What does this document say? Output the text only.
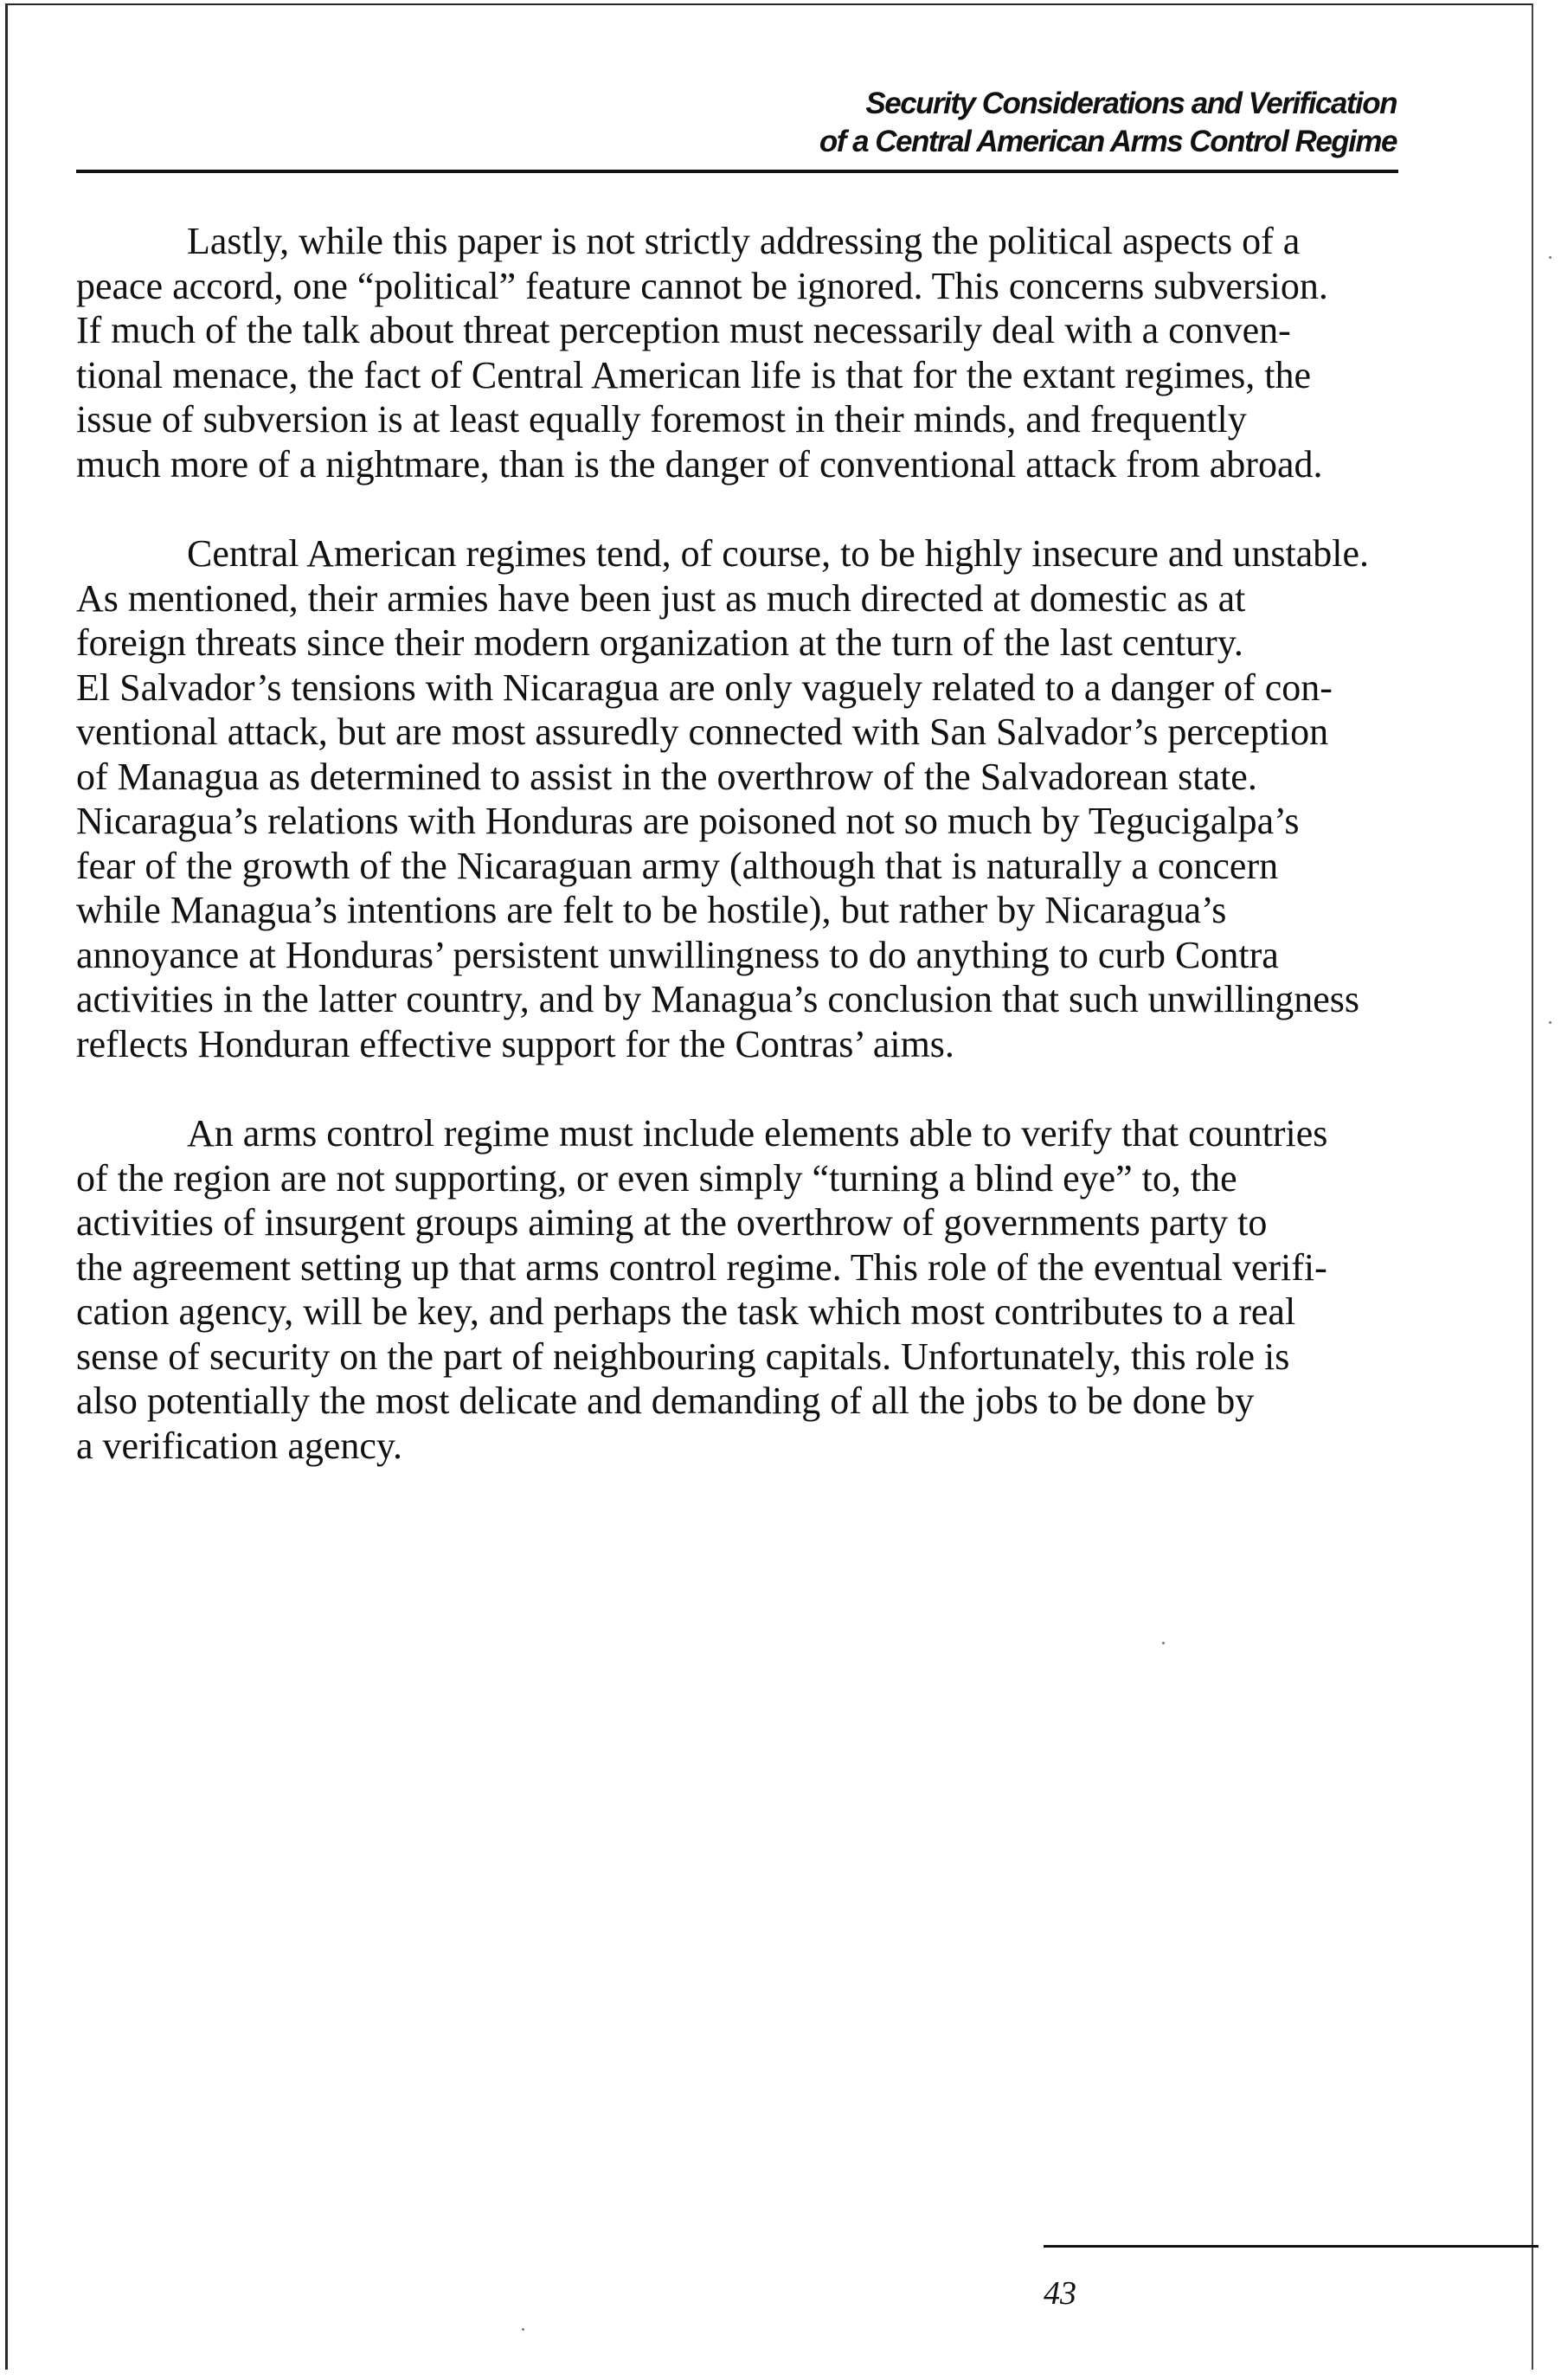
Security Considerations and Verification
of a Central American Arms Control Regime

Lastly, while this paper is not strictly addressing the political aspects of a
peace accord, one “political” feature cannot be ignored. This concerns subversion.
If much of the talk about threat perception must necessarily deal with a conven-
tional menace, the fact of Central American life is that for the extant regimes, the
issue of subversion is at least equally foremost in their minds, and frequently
much more of a nightmare, than is the danger of conventional attack from abroad.

Central American regimes tend, of course, to be highly insecure and unstable.
As mentioned, their armies have been just as much directed at domestic as at
foreign threats since their modern organization at the turn of the last century.
El Salvador’s tensions with Nicaragua are only vaguely related to a danger of con-
ventional attack, but are most assuredly connected with San Salvador’s perception
of Managua as determined to assist in the overthrow of the Salvadorean state.
Nicaragua’s relations with Honduras are poisoned not so much by Tegucigalpa’s
fear of the growth of the Nicaraguan army (although that is naturally a concern
while Managua’s intentions are felt to be hostile), but rather by Nicaragua’s
annoyance at Honduras’ persistent unwillingness to do anything to curb Contra
activities in the latter country, and by Managua’s conclusion that such unwillingness
reflects Honduran effective support for the Contras’ aims.

An arms control regime must include elements able to verify that countries
of the region are not supporting, or even simply “turning a blind eye” to, the
activities of insurgent groups aiming at the overthrow of governments party to
the agreement setting up that arms control regime. This role of the eventual verifi-
cation agency, will be key, and perhaps the task which most contributes to a real
sense of security on the part of neighbouring capitals. Unfortunately, this role is
also potentially the most delicate and demanding of all the jobs to be done by
a verification agency.

43
